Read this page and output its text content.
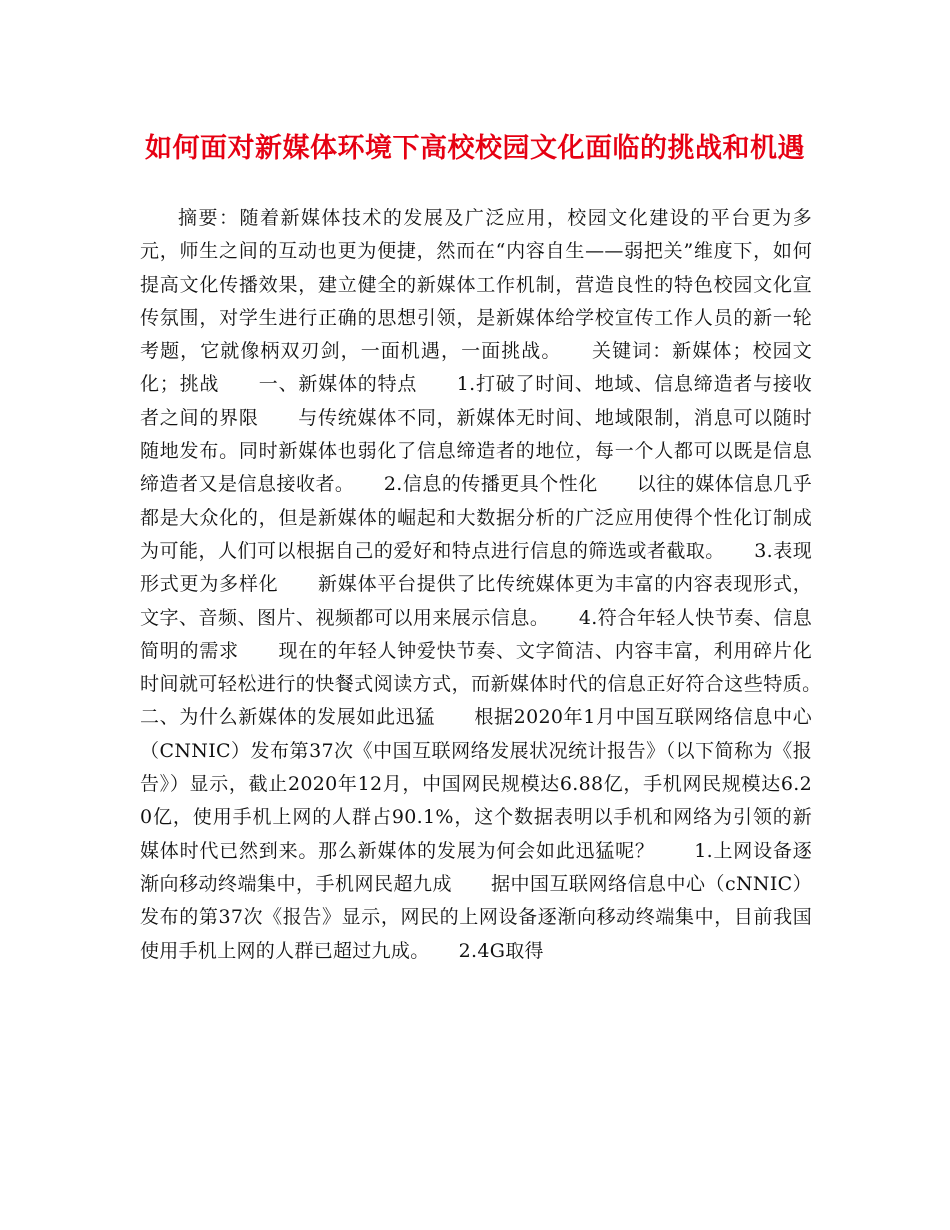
如何面对新媒体环境下高校校园文化面临的挑战和机遇

摘要：随着新媒体技术的发展及广泛应用，校园文化建设的平台更为多元，师生之间的互动也更为便捷，然而在“内容自生——弱把关”维度下，如何提高文化传播效果，建立健全的新媒体工作机制，营造良性的特色校园文化宣传氛围，对学生进行正确的思想引领，是新媒体给学校宣传工作人员的新一轮考题，它就像柄双刃剑，一面机遇，一面挑战。　　关键词：新媒体；校园文化；挑战　　一、新媒体的特点　　1.打破了时间、地域、信息缔造者与接收者之间的界限　　与传统媒体不同，新媒体无时间、地域限制，消息可以随时随地发布。同时新媒体也弱化了信息缔造者的地位，每一个人都可以既是信息缔造者又是信息接收者。　　2.信息的传播更具个性化　　以往的媒体信息几乎都是大众化的，但是新媒体的崛起和大数据分析的广泛应用使得个性化订制成为可能，人们可以根据自己的爱好和特点进行信息的筛选或者截取。　　3.表现形式更为多样化　　新媒体平台提供了比传统媒体更为丰富的内容表现形式，文字、音频、图片、视频都可以用来展示信息。　　4.符合年轻人快节奏、信息简明的需求　　现在的年轻人钟爱快节奏、文字简洁、内容丰富，利用碎片化时间就可轻松进行的快餐式阅读方式，而新媒体时代的信息正好符合这些特质。　　二、为什么新媒体的发展如此迅猛　　根据2020年1月中国互联网络信息中心（CNNIC）发布第37次《中国互联网络发展状况统计报告》（以下简称为《报告》）显示，截止2020年12月，中国网民规模达6.88亿，手机网民规模达6.20亿，使用手机上网的人群占90.1%，这个数据表明以手机和网络为引领的新媒体时代已然到来。那么新媒体的发展为何会如此迅猛呢？　　1.上网设备逐渐向移动终端集中，手机网民超九成　　据中国互联网络信息中心（cNNIC）发布的第37次《报告》显示，网民的上网设备逐渐向移动终端集中，目前我国使用手机上网的人群已超过九成。　　2.4G取得
